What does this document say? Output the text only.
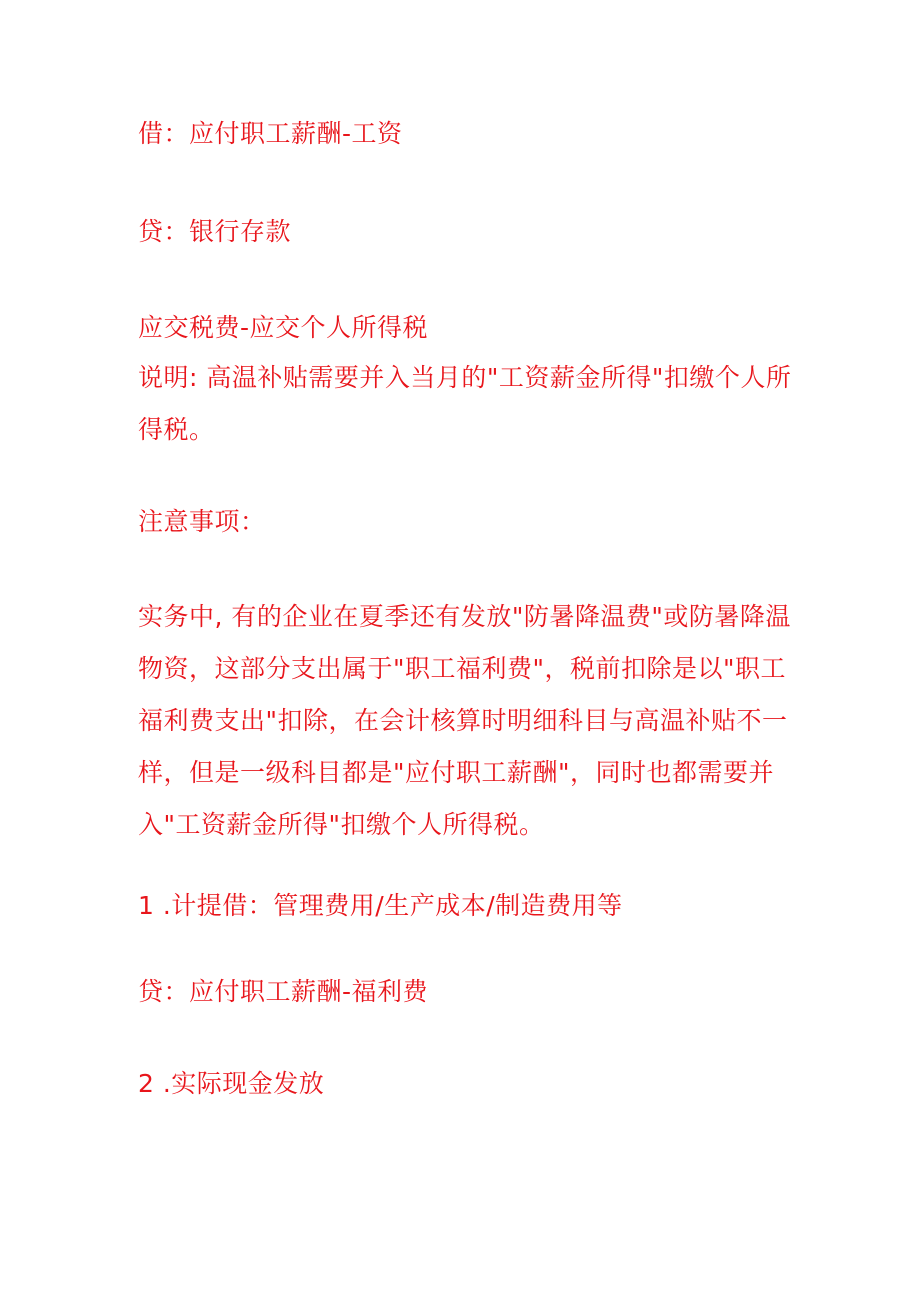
借：应付职工薪酬-工资
贷：银行存款
应交税费-应交个人所得税
说明: 高温补贴需要并入当月的"工资薪金所得"扣缴个人所得税。
注意事项：
实务中, 有的企业在夏季还有发放"防暑降温费"或防暑降温物资，这部分支出属于"职工福利费"，税前扣除是以"职工福利费支出"扣除，在会计核算时明细科目与高温补贴不一样，但是一级科目都是"应付职工薪酬"，同时也都需要并入"工资薪金所得"扣缴个人所得税。
1 .计提借：管理费用/生产成本/制造费用等
贷：应付职工薪酬-福利费
2 .实际现金发放
